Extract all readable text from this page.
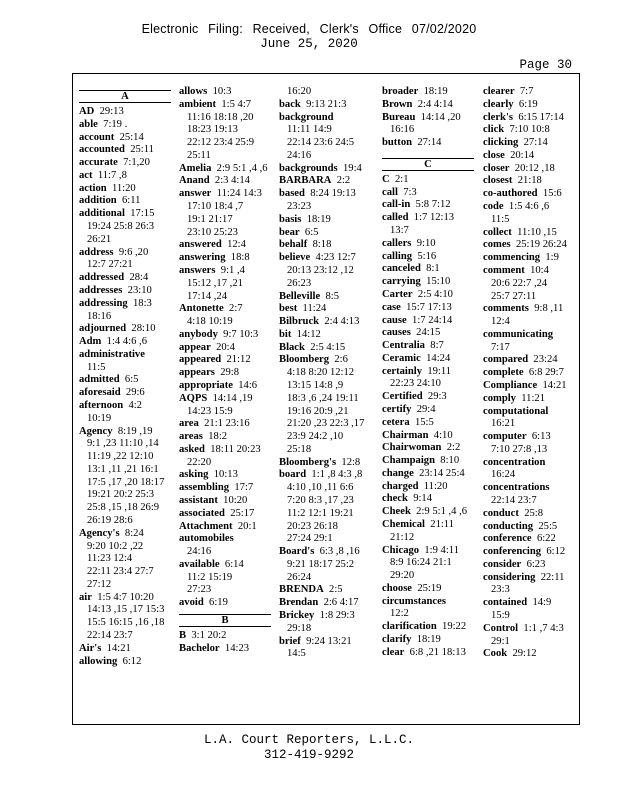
Electronic Filing: Received, Clerk's Office 07/02/2020
June 25, 2020
Page 30
A
AD 29:13
able 7:19 .
account 25:14
accounted 25:11
accurate 7:1,20
act 11:7 ,8
action 11:20
addition 6:11
additional 17:15
19:24 25:8 26:3
26:21
address 9:6 ,20
12:7 27:21
addressed 28:4
addresses 23:10
addressing 18:3
18:16
adjourned 28:10
Adm 1:4 4:6 ,6
administrative
11:5
admitted 6:5
aforesaid 29:6
afternoon 4:2
10:19
Agency 8:19 ,19
9:1 ,23 11:10 ,14
11:19 ,22 12:10
13:1 ,11 ,21 16:1
17:5 ,17 ,20 18:17
19:21 20:2 25:3
25:8 ,15 ,18 26:9
26:19 28:6
Agency's 8:24
9:20 10:2 ,22
11:23 12:4
22:11 23:4 27:7
27:12
air 1:5 4:7 10:20
14:13 ,15 ,17 15:3
15:5 16:15 ,16 ,18
22:14 23:7
Air's 14:21
allowing 6:12
allows 10:3
ambient 1:5 4:7
11:16 18:18 ,20
18:23 19:13
22:12 23:4 25:9
25:11
Amelia 2:9 5:1 ,4 ,6
Anand 2:3 4:14
answer 11:24 14:3
17:10 18:4 ,7
19:1 21:17
23:10 25:23
answered 12:4
answering 18:8
answers 9:1 ,4
15:12 ,17 ,21
17:14 ,24
Antonette 2:7
4:18 10:19
anybody 9:7 10:3
appear 20:4
appeared 21:12
appears 29:8
appropriate 14:6
AQPS 14:14 ,19
14:23 15:9
area 21:1 23:16
areas 18:2
asked 18:11 20:23
22:20
asking 10:13
assembling 17:7
assistant 10:20
associated 25:17
Attachment 20:1
automobiles
24:16
available 6:14
11:2 15:19
27:23
avoid 6:19
B
B 3:1 20:2
Bachelor 14:23
16:20
back 9:13 21:3
background
11:11 14:9
22:14 23:6 24:5
24:16
backgrounds 19:4
BARBARA 2:2
based 8:24 19:13
23:23
basis 18:19
bear 6:5
behalf 8:18
believe 4:23 12:7
20:13 23:12 ,12
26:23
Belleville 8:5
best 11:24
Bilbruck 2:4 4:13
bit 14:12
Black 2:5 4:15
Bloomberg 2:6
4:18 8:20 12:12
13:15 14:8 ,9
18:3 ,6 ,24 19:11
19:16 20:9 ,21
21:20 ,23 22:3 ,17
23:9 24:2 ,10
25:18
Bloomberg's 12:8
board 1:1 ,8 4:3 ,8
4:10 ,10 ,11 6:6
7:20 8:3 ,17 ,23
11:2 12:1 19:21
20:23 26:18
27:24 29:1
Board's 6:3 ,8 ,16
9:21 18:17 25:2
26:24
BRENDA 2:5
Brendan 2:6 4:17
Brickey 1:8 29:3
29:18
brief 9:24 13:21
14:5
broader 18:19
Brown 2:4 4:14
Bureau 14:14 ,20
16:16
button 27:14
C
C 2:1
call 7:3
call-in 5:8 7:12
called 1:7 12:13
13:7
callers 9:10
calling 5:16
canceled 8:1
carrying 15:10
Carter 2:5 4:10
case 15:7 17:13
cause 1:7 24:14
causes 24:15
Centralia 8:7
Ceramic 14:24
certainly 19:11
22:23 24:10
Certified 29:3
certify 29:4
cetera 15:5
Chairman 4:10
Chairwoman 2:2
Champaign 8:10
change 23:14 25:4
charged 11:20
check 9:14
Cheek 2:9 5:1 ,4 ,6
Chemical 21:11
21:12
Chicago 1:9 4:11
8:9 16:24 21:1
29:20
choose 25:19
circumstances
12:2
clarification 19:22
clarify 18:19
clear 6:8 ,21 18:13
clearer 7:7
clearly 6:19
clerk's 6:15 17:14
click 7:10 10:8
clicking 27:14
close 20:14
closer 20:12 ,18
closest 21:18
co-authored 15:6
code 1:5 4:6 ,6
11:5
collect 11:10 ,15
comes 25:19 26:24
commencing 1:9
comment 10:4
20:6 22:7 ,24
25:7 27:11
comments 9:8 ,11
12:4
communicating
7:17
compared 23:24
complete 6:8 29:7
Compliance 14:21
comply 11:21
computational
16:21
computer 6:13
7:10 27:8 ,13
concentration
16:24
concentrations
22:14 23:7
conduct 25:8
conducting 25:5
conference 6:22
conferencing 6:12
consider 6:23
considering 22:11
23:3
contained 14:9
15:9
Control 1:1 ,7 4:3
29:1
Cook 29:12
L.A. Court Reporters, L.L.C.
312-419-9292
